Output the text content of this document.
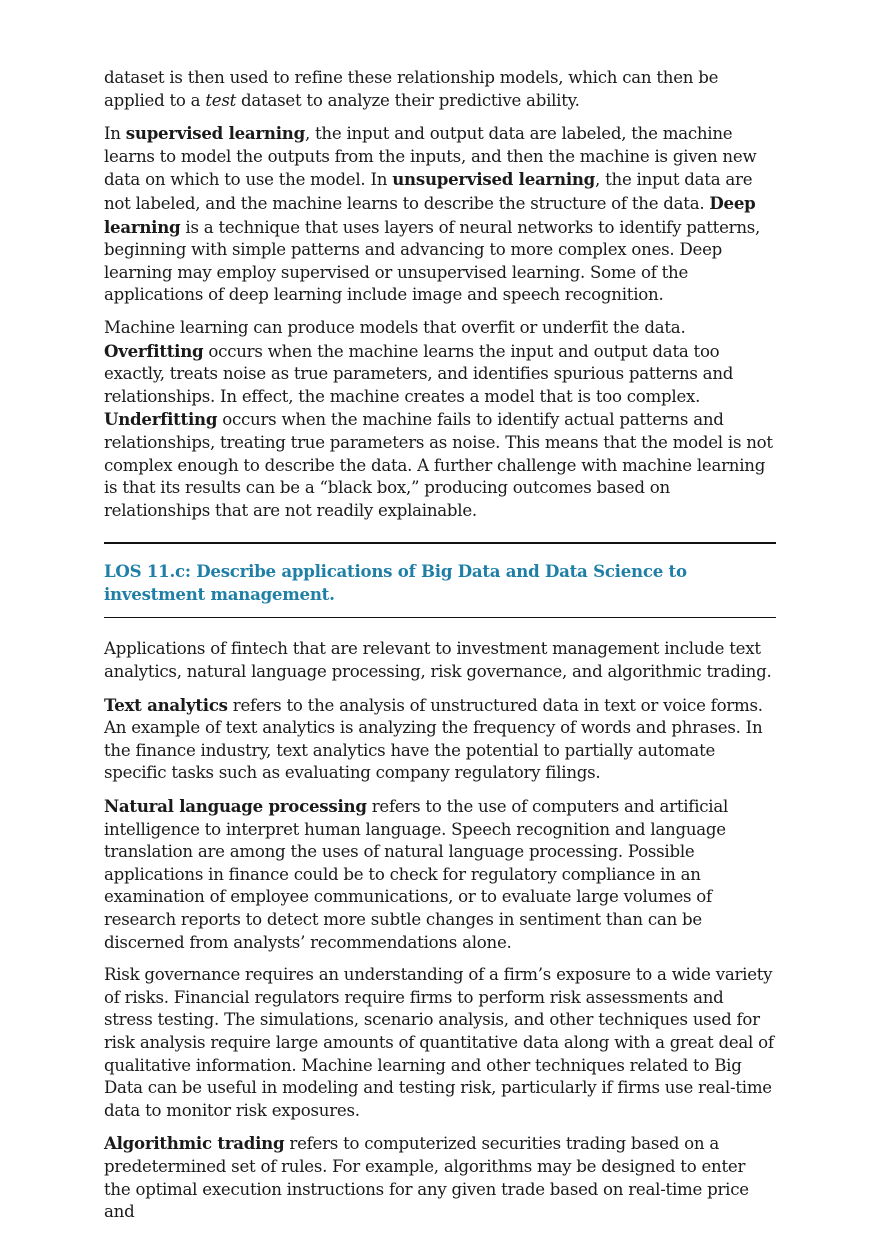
dataset is then used to refine these relationship models, which can then be applied to a test dataset to analyze their predictive ability.

In supervised learning, the input and output data are labeled, the machine learns to model the outputs from the inputs, and then the machine is given new data on which to use the model. In unsupervised learning, the input data are not labeled, and the machine learns to describe the structure of the data. Deep learning is a technique that uses layers of neural networks to identify patterns, beginning with simple patterns and advancing to more complex ones. Deep learning may employ supervised or unsupervised learning. Some of the applications of deep learning include image and speech recognition.

Machine learning can produce models that overfit or underfit the data. Overfitting occurs when the machine learns the input and output data too exactly, treats noise as true parameters, and identifies spurious patterns and relationships. In effect, the machine creates a model that is too complex. Underfitting occurs when the machine fails to identify actual patterns and relationships, treating true parameters as noise. This means that the model is not complex enough to describe the data. A further challenge with machine learning is that its results can be a “black box,” producing outcomes based on relationships that are not readily explainable.

LOS 11.c: Describe applications of Big Data and Data Science to investment management.

Applications of fintech that are relevant to investment management include text analytics, natural language processing, risk governance, and algorithmic trading.

Text analytics refers to the analysis of unstructured data in text or voice forms. An example of text analytics is analyzing the frequency of words and phrases. In the finance industry, text analytics have the potential to partially automate specific tasks such as evaluating company regulatory filings.

Natural language processing refers to the use of computers and artificial intelligence to interpret human language. Speech recognition and language translation are among the uses of natural language processing. Possible applications in finance could be to check for regulatory compliance in an examination of employee communications, or to evaluate large volumes of research reports to detect more subtle changes in sentiment than can be discerned from analysts’ recommendations alone.

Risk governance requires an understanding of a firm’s exposure to a wide variety of risks. Financial regulators require firms to perform risk assessments and stress testing. The simulations, scenario analysis, and other techniques used for risk analysis require large amounts of quantitative data along with a great deal of qualitative information. Machine learning and other techniques related to Big Data can be useful in modeling and testing risk, particularly if firms use real-time data to monitor risk exposures.

Algorithmic trading refers to computerized securities trading based on a predetermined set of rules. For example, algorithms may be designed to enter the optimal execution instructions for any given trade based on real-time price and
